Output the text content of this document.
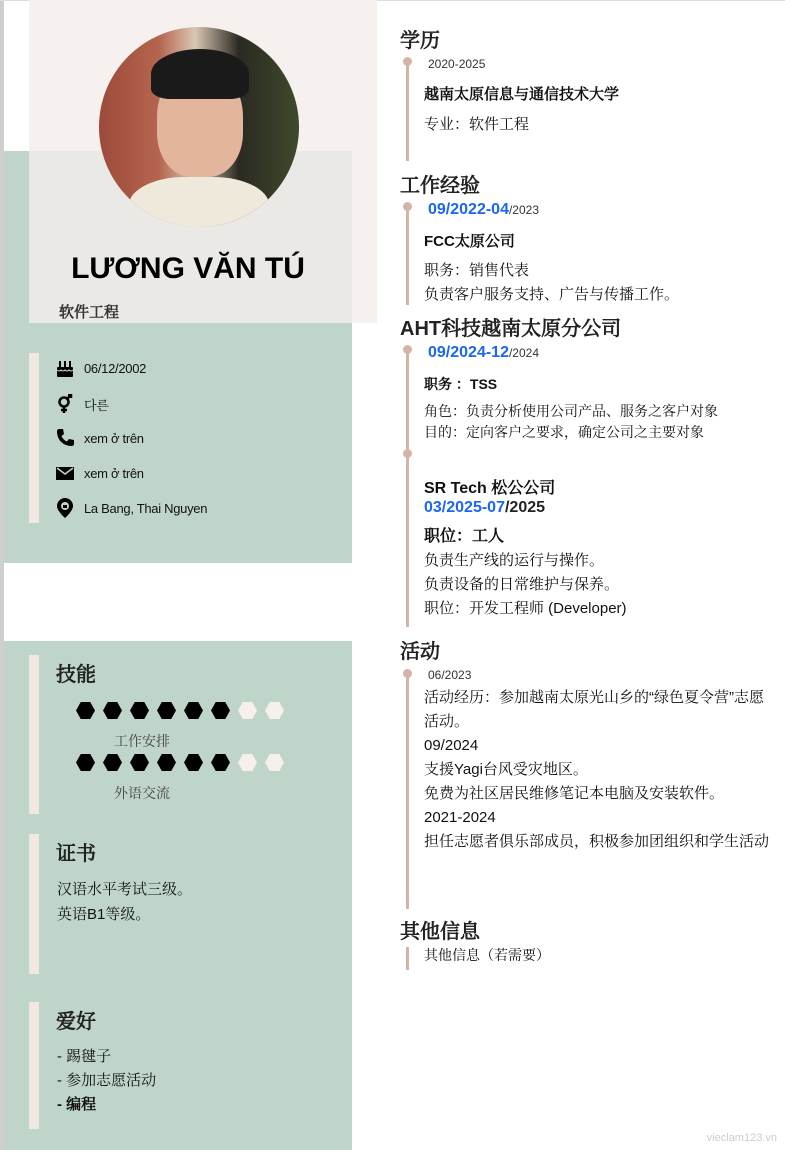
LƯƠNG VĂN TÚ
软件工程
06/12/2002
다른
xem ở trên
xem ở trên
La Bang, Thai Nguyen
技能
工作安排
外语交流
证书
汉语水平考试三级。
英语B1等级。
爱好
- 踢毽子
- 参加志愿活动
- 编程
学历
2020-2025
越南太原信息与通信技术大学
专业：软件工程
工作经验
09/2022-04/2023
FCC太原公司
职务：销售代表
负责客户服务支持、广告与传播工作。
AHT科技越南太原分公司
09/2024-12/2024
职务 ：TSS
角色：负责分析使用公司产品、服务之客户对象
目的：定向客户之要求，确定公司之主要对象
SR Tech 松公公司
03/2025-07/2025
职位：工人
负责生产线的运行与操作。
负责设备的日常维护与保养。
职位：开发工程师 (Developer)
活动
06/2023
活动经历：参加越南太原光山乡的“绿色夏令营”志愿活动。
09/2024
支援Yagi台风受灾地区。
免费为社区居民维修笔记本电脑及安装软件。
2021-2024
担任志愿者俱乐部成员，积极参加团组织和学生活动
其他信息
其他信息（若需要）
vieclam123.vn
